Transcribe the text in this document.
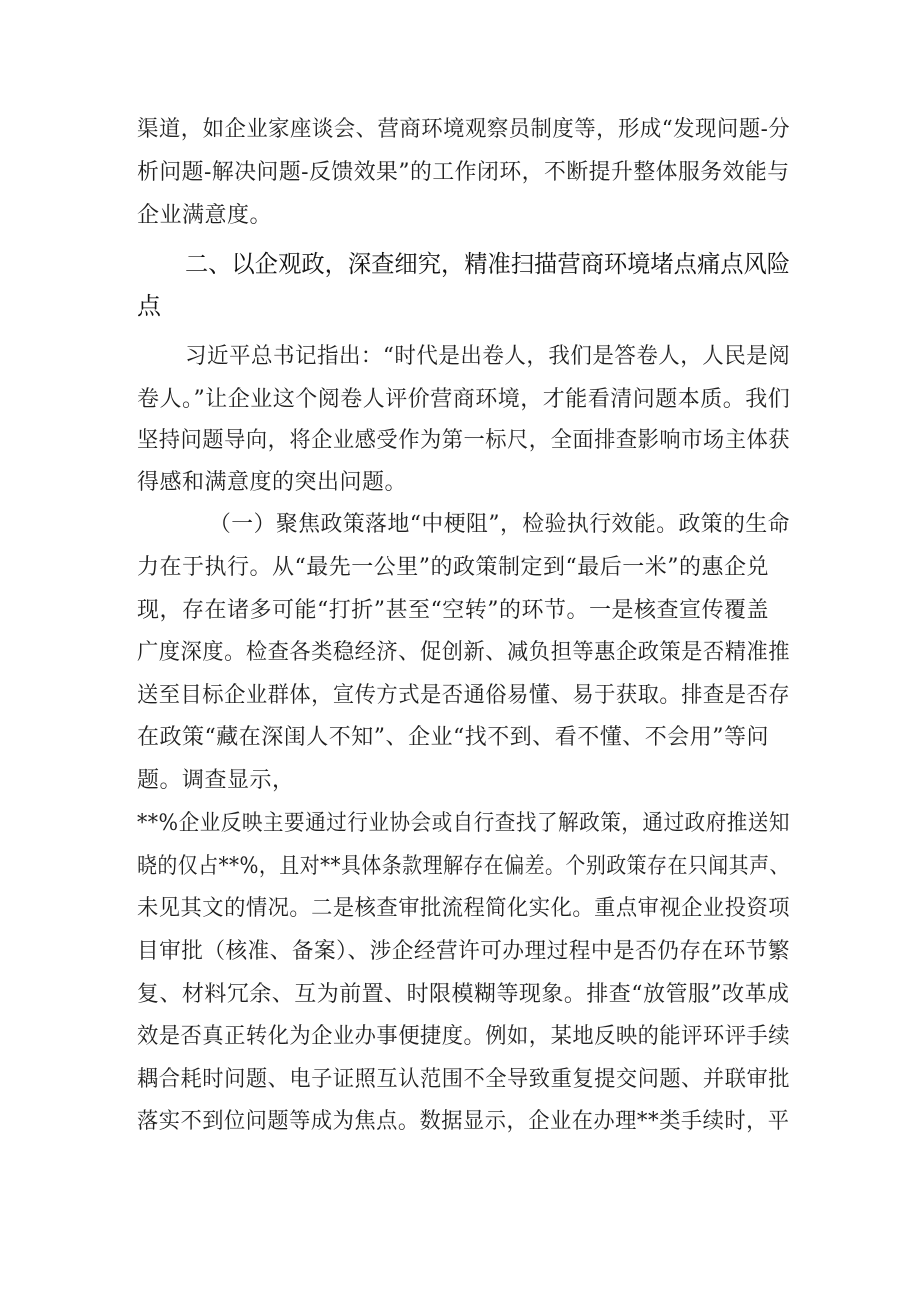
渠道，如企业家座谈会、营商环境观察员制度等，形成“发现问题-分
析问题-解决问题-反馈效果”的工作闭环，不断提升整体服务效能与
企业满意度。
二、以企观政，深查细究，精准扫描营商环境堵点痛点风险
点
习近平总书记指出：“时代是出卷人，我们是答卷人，人民是阅
卷人。”让企业这个阅卷人评价营商环境，才能看清问题本质。我们
坚持问题导向，将企业感受作为第一标尺，全面排查影响市场主体获
得感和满意度的突出问题。
（一）聚焦政策落地“中梗阻”，检验执行效能。政策的生命
力在于执行。从“最先一公里”的政策制定到“最后一米”的惠企兑
现，存在诸多可能“打折”甚至“空转”的环节。一是核查宣传覆盖
广度深度。检查各类稳经济、促创新、减负担等惠企政策是否精准推
送至目标企业群体，宣传方式是否通俗易懂、易于获取。排查是否存
在政策“藏在深闺人不知”、企业“找不到、看不懂、不会用”等问
题。调查显示，
**%企业反映主要通过行业协会或自行查找了解政策，通过政府推送知
晓的仅占**%，且对**具体条款理解存在偏差。个别政策存在只闻其声、
未见其文的情况。二是核查审批流程简化实化。重点审视企业投资项
目审批（核准、备案）、涉企经营许可办理过程中是否仍存在环节繁
复、材料冗余、互为前置、时限模糊等现象。排查“放管服”改革成
效是否真正转化为企业办事便捷度。例如，某地反映的能评环评手续
耦合耗时问题、电子证照互认范围不全导致重复提交问题、并联审批
落实不到位问题等成为焦点。数据显示，企业在办理**类手续时，平
